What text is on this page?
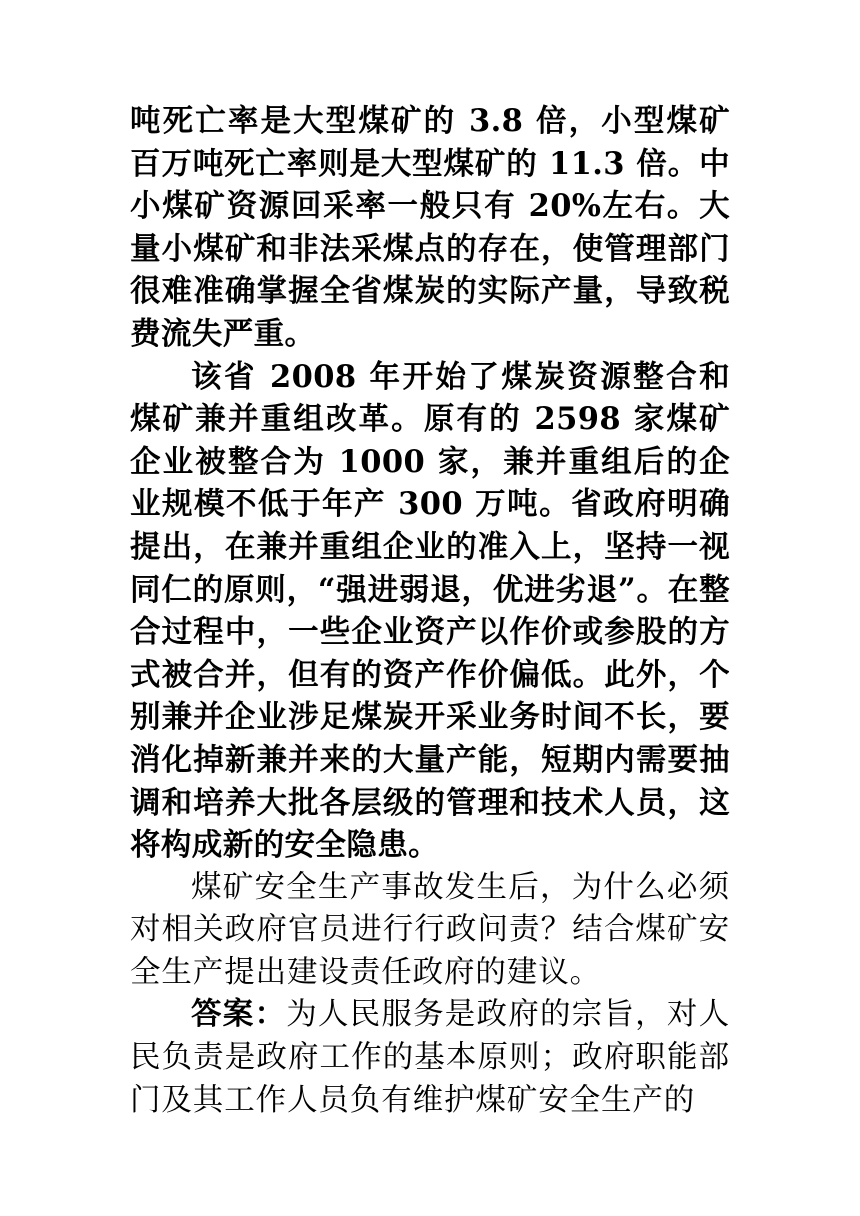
吨死亡率是大型煤矿的 3.8 倍，小型煤矿百万吨死亡率则是大型煤矿的 11.3 倍。中小煤矿资源回采率一般只有 20%左右。大量小煤矿和非法采煤点的存在，使管理部门很难准确掌握全省煤炭的实际产量，导致税费流失严重。

该省 2008 年开始了煤炭资源整合和煤矿兼并重组改革。原有的 2598 家煤矿企业被整合为 1000 家，兼并重组后的企业规模不低于年产 300 万吨。省政府明确提出，在兼并重组企业的准入上，坚持一视同仁的原则，“强进弱退，优进劣退”。在整合过程中，一些企业资产以作价或参股的方式被合并，但有的资产作价偏低。此外，个别兼并企业涉足煤炭开采业务时间不长，要消化掉新兼并来的大量产能，短期内需要抽调和培养大批各层级的管理和技术人员，这将构成新的安全隐患。

煤矿安全生产事故发生后，为什么必须对相关政府官员进行行政问责？结合煤矿安全生产提出建设责任政府的建议。

答案：为人民服务是政府的宗旨，对人民负责是政府工作的基本原则；政府职能部门及其工作人员负有维护煤矿安全生产的
